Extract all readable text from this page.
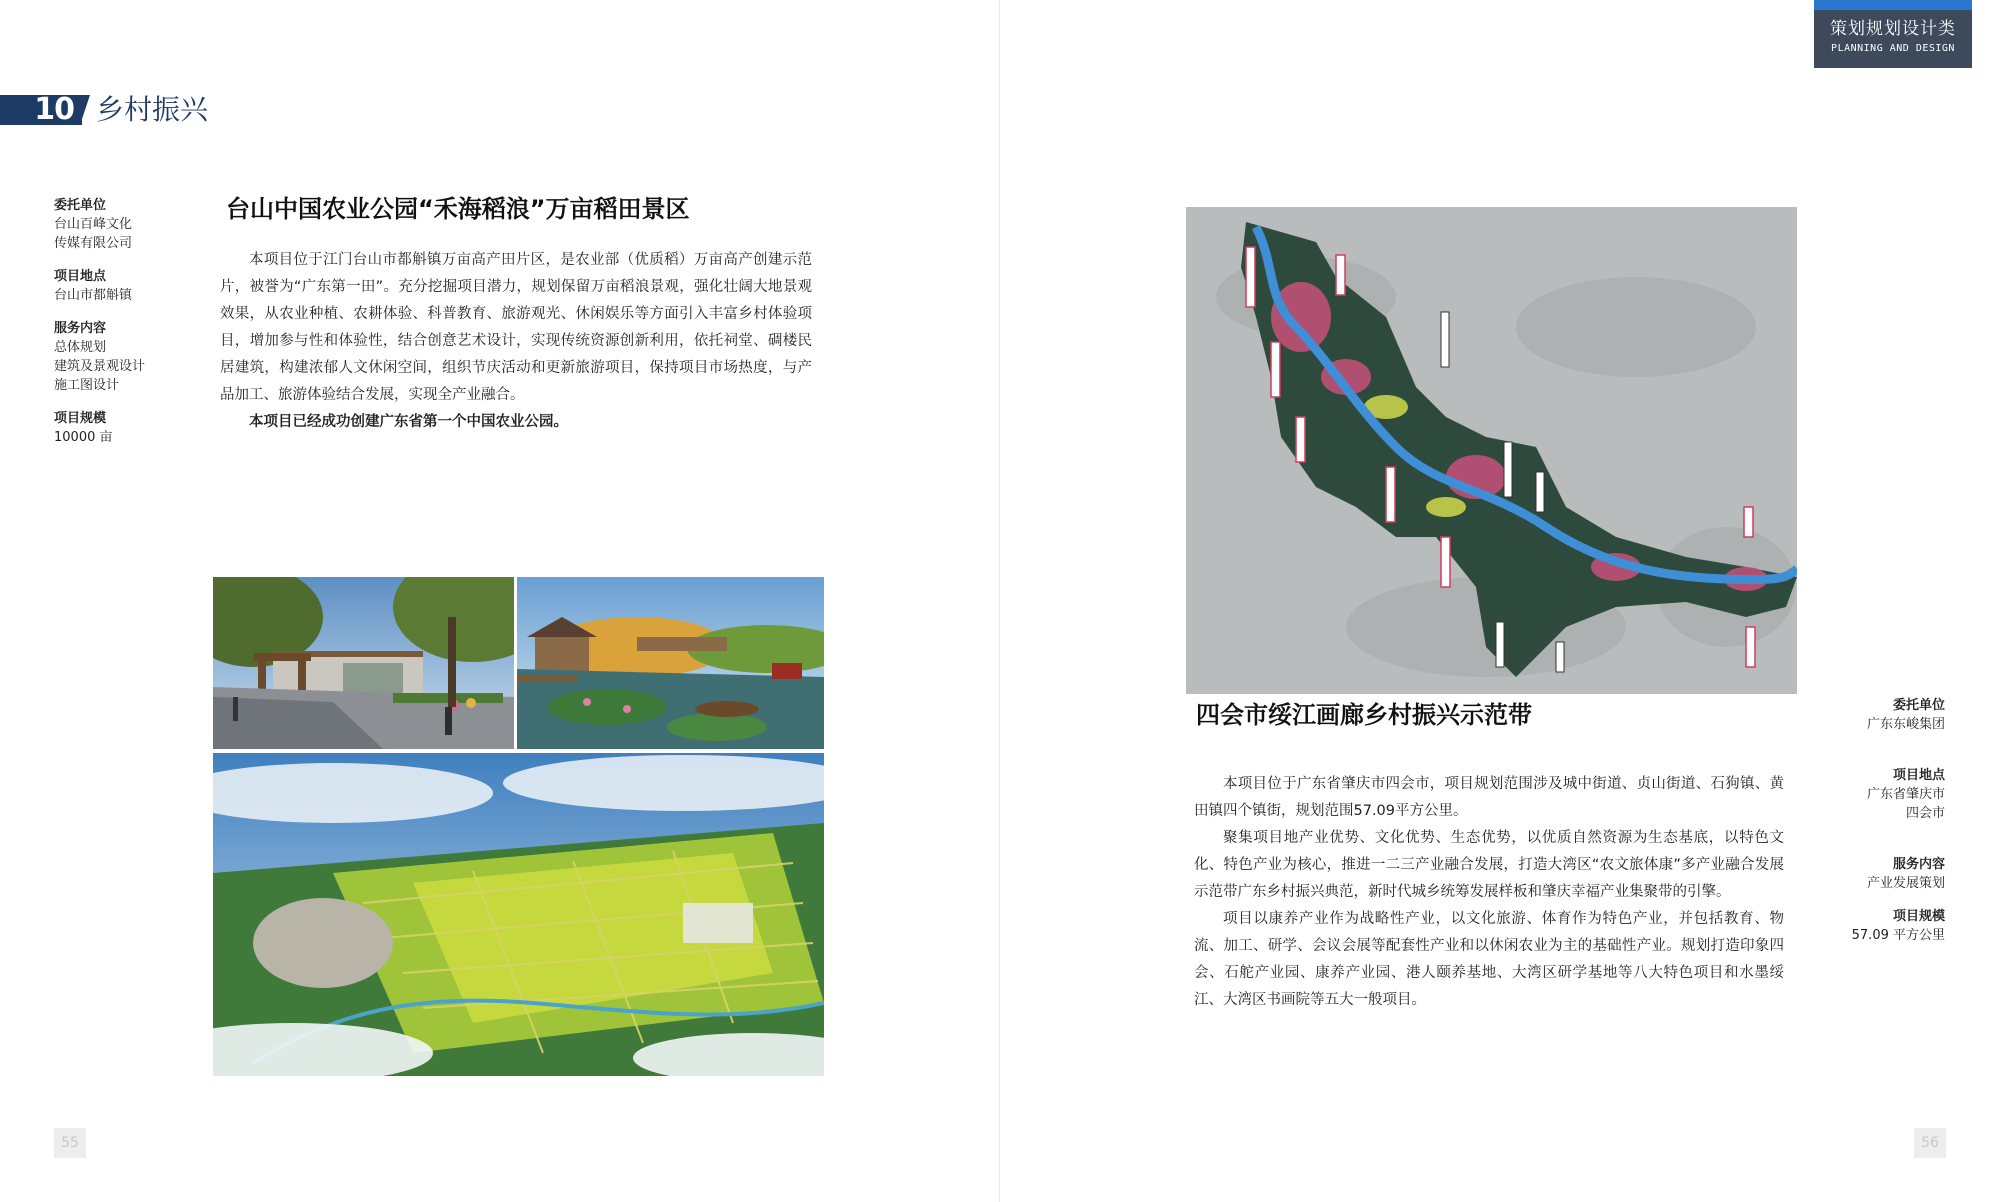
10 乡村振兴
委托单位
台山百峰文化
传媒有限公司
项目地点
台山市都斛镇
服务内容
总体规划
建筑及景观设计
施工图设计
项目规模
10000 亩
台山中国农业公园“禾海稻浪”万亩稻田景区

本项目位于江门台山市都斛镇万亩高产田片区，是农业部（优质稻）万亩高产创建示范片，被誉为“广东第一田”。充分挖掘项目潜力，规划保留万亩稻浪景观，强化壮阔大地景观效果，从农业种植、农耕体验、科普教育、旅游观光、休闲娱乐等方面引入丰富乡村体验项目，增加参与性和体验性，结合创意艺术设计，实现传统资源创新利用，依托祠堂、碉楼民居建筑，构建浓郁人文休闲空间，组织节庆活动和更新旅游项目，保持项目市场热度，与产品加工、旅游体验结合发展，实现全产业融合。

本项目已经成功创建广东省第一个中国农业公园。

55
策划规划设计类
PLANNING AND DESIGN
四会市绥江画廊乡村振兴示范带

本项目位于广东省肇庆市四会市，项目规划范围涉及城中街道、贞山街道、石狗镇、黄田镇四个镇街，规划范围57.09平方公里。

聚集项目地产业优势、文化优势、生态优势，以优质自然资源为生态基底，以特色文化、特色产业为核心，推进一二三产业融合发展，打造大湾区“农文旅体康”多产业融合发展示范带广东乡村振兴典范，新时代城乡统筹发展样板和肇庆幸福产业集聚带的引擎。

项目以康养产业作为战略性产业，以文化旅游、体育作为特色产业，并包括教育、物流、加工、研学、会议会展等配套性产业和以休闲农业为主的基础性产业。规划打造印象四会、石舵产业园、康养产业园、港人颐养基地、大湾区研学基地等八大特色项目和水墨绥江、大湾区书画院等五大一般项目。

委托单位
广东东峻集团
项目地点
广东省肇庆市
四会市
服务内容
产业发展策划
项目规模
57.09 平方公里
56
